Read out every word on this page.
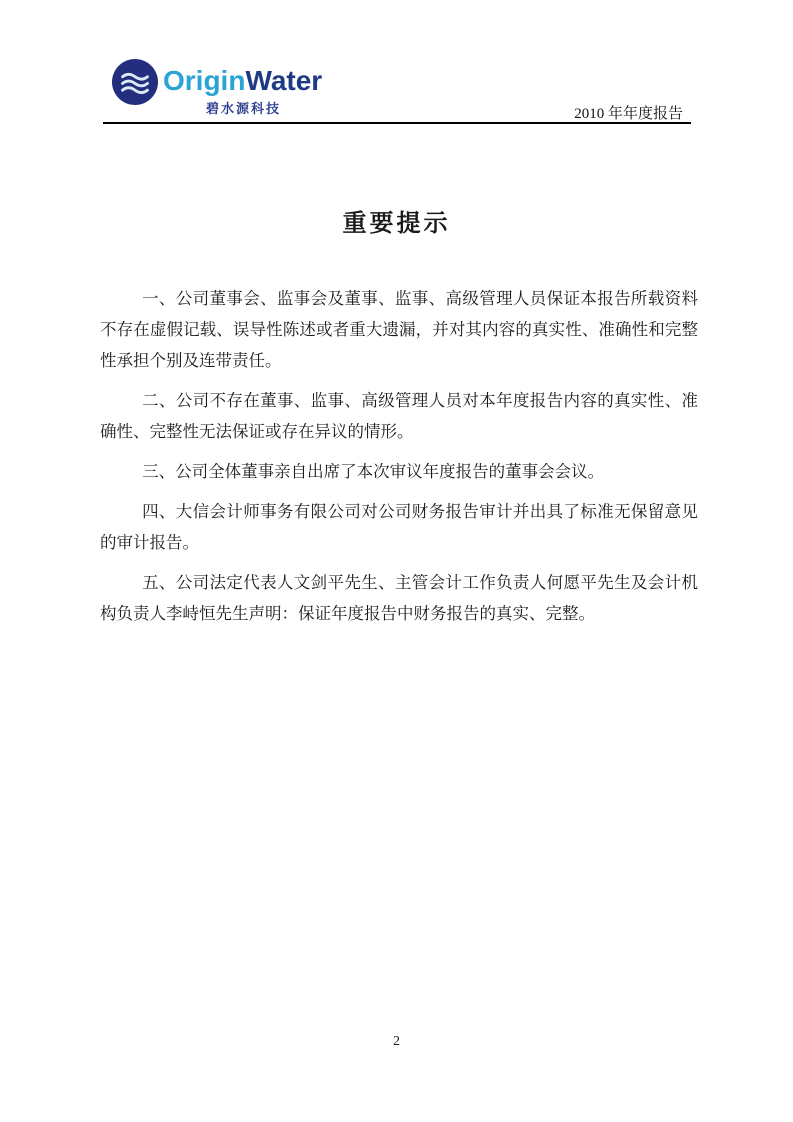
OriginWater
碧水源科技	2010 年年度报告
重要提示

一、公司董事会、监事会及董事、监事、高级管理人员保证本报告所载资料不存在虚假记载、误导性陈述或者重大遗漏，并对其内容的真实性、准确性和完整性承担个别及连带责任。

二、公司不存在董事、监事、高级管理人员对本年度报告内容的真实性、准确性、完整性无法保证或存在异议的情形。

三、公司全体董事亲自出席了本次审议年度报告的董事会会议。

四、大信会计师事务有限公司对公司财务报告审计并出具了标准无保留意见的审计报告。

五、公司法定代表人文剑平先生、主管会计工作负责人何愿平先生及会计机构负责人李峙恒先生声明：保证年度报告中财务报告的真实、完整。

2
